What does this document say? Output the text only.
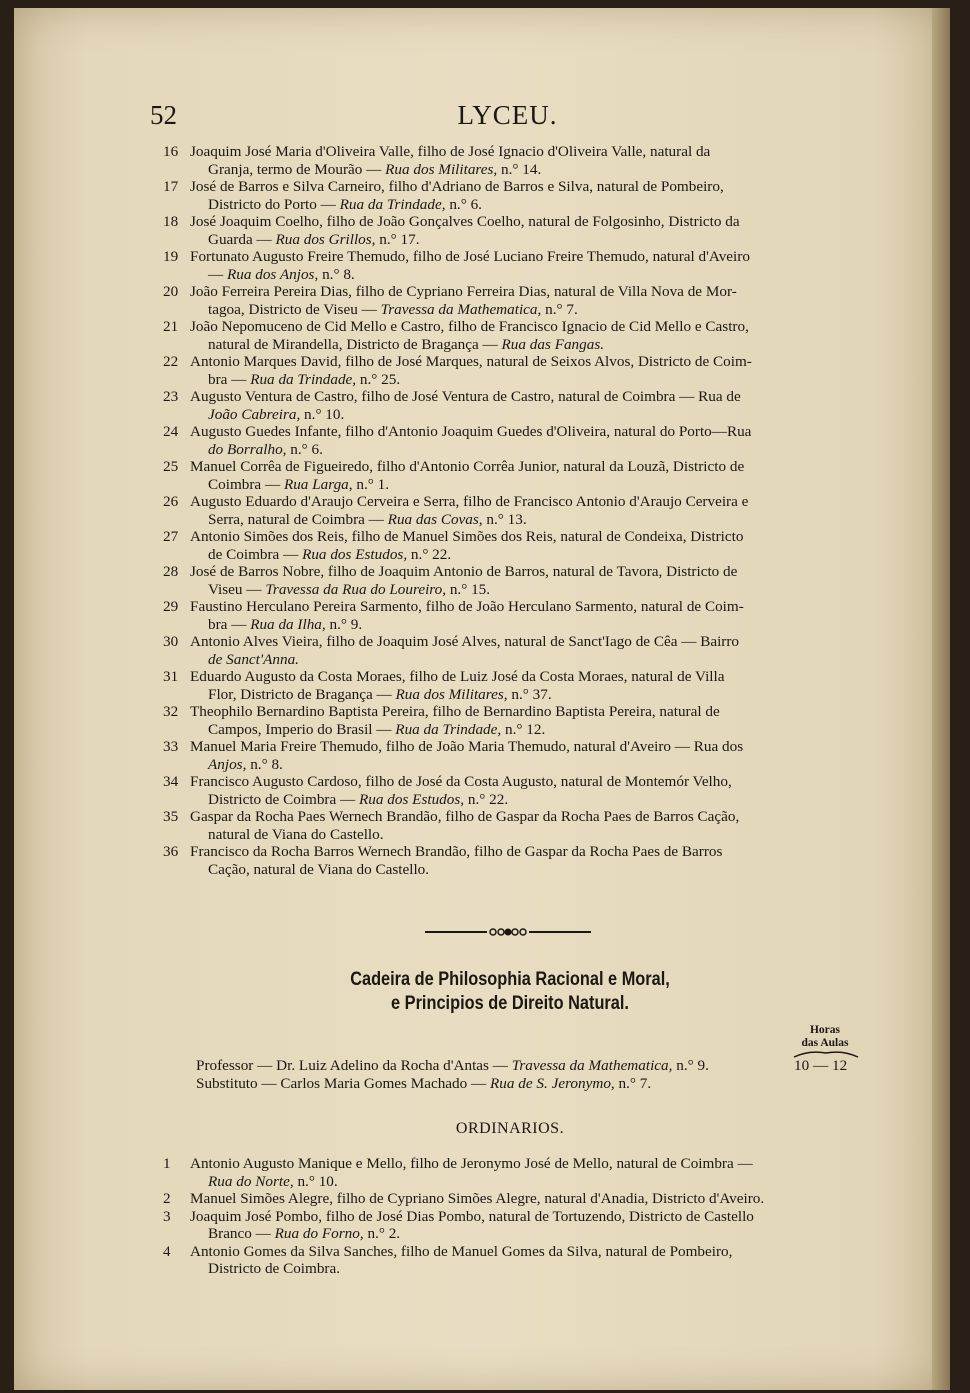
52	LYCEU.
16 Joaquim José Maria d'Oliveira Valle, filho de José Ignacio d'Oliveira Valle, natural da
Granja, termo de Mourão — Rua dos Militares, n.° 14.
17 José de Barros e Silva Carneiro, filho d'Adriano de Barros e Silva, natural de Pombeiro,
Districto do Porto — Rua da Trindade, n.° 6.
18 José Joaquim Coelho, filho de João Gonçalves Coelho, natural de Folgosinho, Districto da
Guarda — Rua dos Grillos, n.° 17.
19 Fortunato Augusto Freire Themudo, filho de José Luciano Freire Themudo, natural d'Aveiro
— Rua dos Anjos, n.° 8.
20 João Ferreira Pereira Dias, filho de Cypriano Ferreira Dias, natural de Villa Nova de Mor-
tagoa, Districto de Viseu — Travessa da Mathematica, n.° 7.
21 João Nepomuceno de Cid Mello e Castro, filho de Francisco Ignacio de Cid Mello e Castro,
natural de Mirandella, Districto de Bragança — Rua das Fangas.
22 Antonio Marques David, filho de José Marques, natural de Seixos Alvos, Districto de Coim-
bra — Rua da Trindade, n.° 25.
23 Augusto Ventura de Castro, filho de José Ventura de Castro, natural de Coimbra — Rua de
João Cabreira, n.° 10.
24 Augusto Guedes Infante, filho d'Antonio Joaquim Guedes d'Oliveira, natural do Porto—Rua
do Borralho, n.° 6.
25 Manuel Corrêa de Figueiredo, filho d'Antonio Corrêa Junior, natural da Louzã, Districto de
Coimbra — Rua Larga, n.° 1.
26 Augusto Eduardo d'Araujo Cerveira e Serra, filho de Francisco Antonio d'Araujo Cerveira e
Serra, natural de Coimbra — Rua das Covas, n.° 13.
27 Antonio Simões dos Reis, filho de Manuel Simões dos Reis, natural de Condeixa, Districto
de Coimbra — Rua dos Estudos, n.° 22.
28 José de Barros Nobre, filho de Joaquim Antonio de Barros, natural de Tavora, Districto de
Viseu — Travessa da Rua do Loureiro, n.° 15.
29 Faustino Herculano Pereira Sarmento, filho de João Herculano Sarmento, natural de Coim-
bra — Rua da Ilha, n.° 9.
30 Antonio Alves Vieira, filho de Joaquim José Alves, natural de Sanct'Iago de Cêa — Bairro
de Sanct'Anna.
31 Eduardo Augusto da Costa Moraes, filho de Luiz José da Costa Moraes, natural de Villa
Flor, Districto de Bragança — Rua dos Militares, n.° 37.
32 Theophilo Bernardino Baptista Pereira, filho de Bernardino Baptista Pereira, natural de
Campos, Imperio do Brasil — Rua da Trindade, n.° 12.
33 Manuel Maria Freire Themudo, filho de João Maria Themudo, natural d'Aveiro — Rua dos
Anjos, n.° 8.
34 Francisco Augusto Cardoso, filho de José da Costa Augusto, natural de Montemór Velho,
Districto de Coimbra — Rua dos Estudos, n.° 22.
35 Gaspar da Rocha Paes Wernech Brandão, filho de Gaspar da Rocha Paes de Barros Cação,
natural de Viana do Castello.
36 Francisco da Rocha Barros Wernech Brandão, filho de Gaspar da Rocha Paes de Barros
Cação, natural de Viana do Castello.
Cadeira de Philosophia Racional e Moral,
e Principios de Direito Natural.
Horas
das Aulas
Professor — Dr. Luiz Adelino da Rocha d'Antas — Travessa da Mathematica, n.° 9.	10 — 12
Substituto — Carlos Maria Gomes Machado — Rua de S. Jeronymo, n.° 7.
ORDINARIOS.
1	Antonio Augusto Manique e Mello, filho de Jeronymo José de Mello, natural de Coimbra —
Rua do Norte, n.° 10.
2	Manuel Simões Alegre, filho de Cypriano Simões Alegre, natural d'Anadia, Districto d'Aveiro.
3	Joaquim José Pombo, filho de José Dias Pombo, natural de Tortuzendo, Districto de Castello
Branco — Rua do Forno, n.° 2.
4	Antonio Gomes da Silva Sanches, filho de Manuel Gomes da Silva, natural de Pombeiro,
Districto de Coimbra.
